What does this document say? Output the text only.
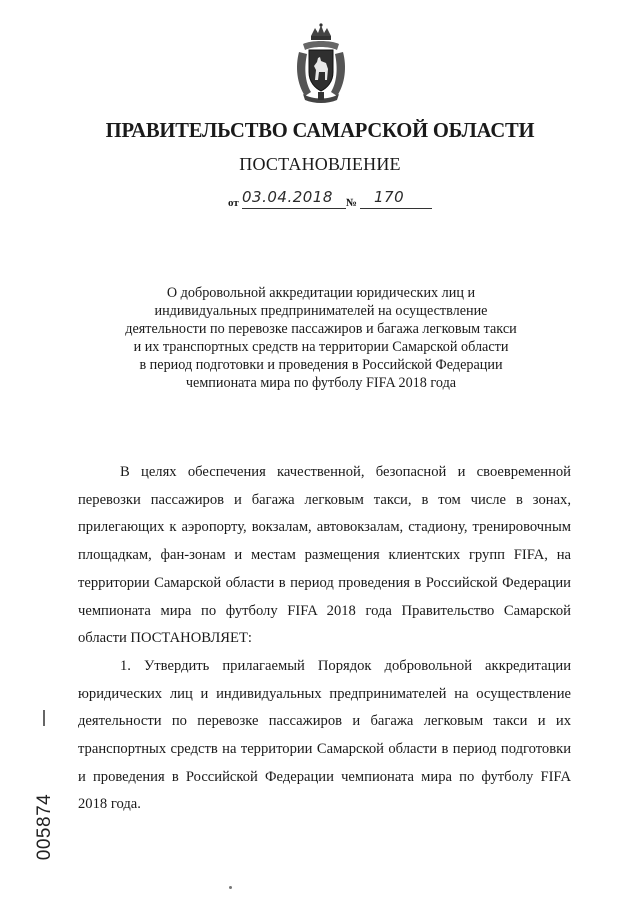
ПРАВИТЕЛЬСТВО САМАРСКОЙ ОБЛАСТИ
ПОСТАНОВЛЕНИЕ
от 03.04.2018 № 170
О добровольной аккредитации юридических лиц и
индивидуальных предпринимателей на осуществление
деятельности по перевозке пассажиров и багажа легковым такси
и их транспортных средств на территории Самарской области
в период подготовки и проведения в Российской Федерации
чемпионата мира по футболу FIFA 2018 года

В целях обеспечения качественной, безопасной и своевременной перевозки пассажиров и багажа легковым такси, в том числе в зонах, прилегающих к аэропорту, вокзалам, автовокзалам, стадиону, тренировочным площадкам, фан-зонам и местам размещения клиентских групп FIFA, на территории Самарской области в период проведения в Российской Федерации чемпионата мира по футболу FIFA 2018 года Правительство Самарской области ПОСТАНОВЛЯЕТ:

1. Утвердить прилагаемый Порядок добровольной аккредитации юридических лиц и индивидуальных предпринимателей на осуществление деятельности по перевозке пассажиров и багажа легковым такси и их транспортных средств на территории Самарской области в период подготовки и проведения в Российской Федерации чемпионата мира по футболу FIFA 2018 года.

005874
